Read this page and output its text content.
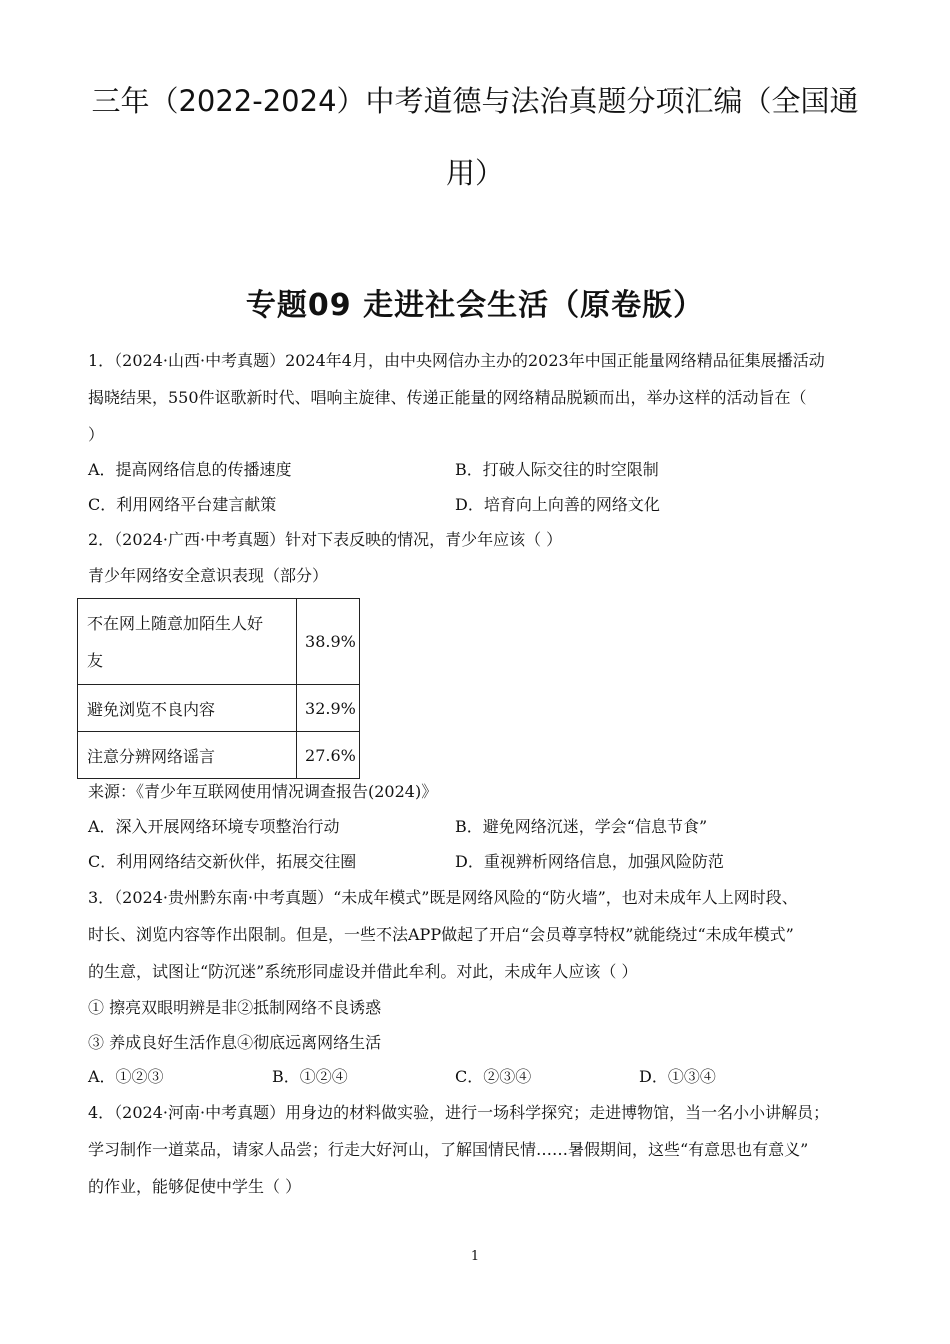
三年（2022-2024）中考道德与法治真题分项汇编（全国通
用）
专题09 走进社会生活（原卷版）
1．（2024·山西·中考真题）2024年4月，由中央网信办主办的2023年中国正能量网络精品征集展播活动
揭晓结果，550件讴歌新时代、唱响主旋律、传递正能量的网络精品脱颖而出，举办这样的活动旨在（
）
A．提高网络信息的传播速度	B．打破人际交往的时空限制
C．利用网络平台建言献策	D．培育向上向善的网络文化
2．（2024·广西·中考真题）针对下表反映的情况，青少年应该（ ）
青少年网络安全意识表现（部分）
不在网上随意加陌生人好
友	38.9%
避免浏览不良内容	32.9%
注意分辨网络谣言	27.6%
来源：《青少年互联网使用情况调查报告(2024)》
A．深入开展网络环境专项整治行动	B．避免网络沉迷，学会“信息节食”
C．利用网络结交新伙伴，拓展交往圈	D．重视辨析网络信息，加强风险防范
3．（2024·贵州黔东南·中考真题）“未成年模式”既是网络风险的“防火墙”，也对未成年人上网时段、
时长、浏览内容等作出限制。但是，一些不法APP做起了开启“会员尊享特权”就能绕过“未成年模式”
的生意，试图让“防沉迷”系统形同虚设并借此牟利。对此，未成年人应该（ ）
① 擦亮双眼明辨是非②抵制网络不良诱惑
③ 养成良好生活作息④彻底远离网络生活
A．①②③	B．①②④	C．②③④	D．①③④
4．（2024·河南·中考真题）用身边的材料做实验，进行一场科学探究；走进博物馆，当一名小小讲解员；
学习制作一道菜品，请家人品尝；行走大好河山，了解国情民情……暑假期间，这些“有意思也有意义”
的作业，能够促使中学生（ ）
1
